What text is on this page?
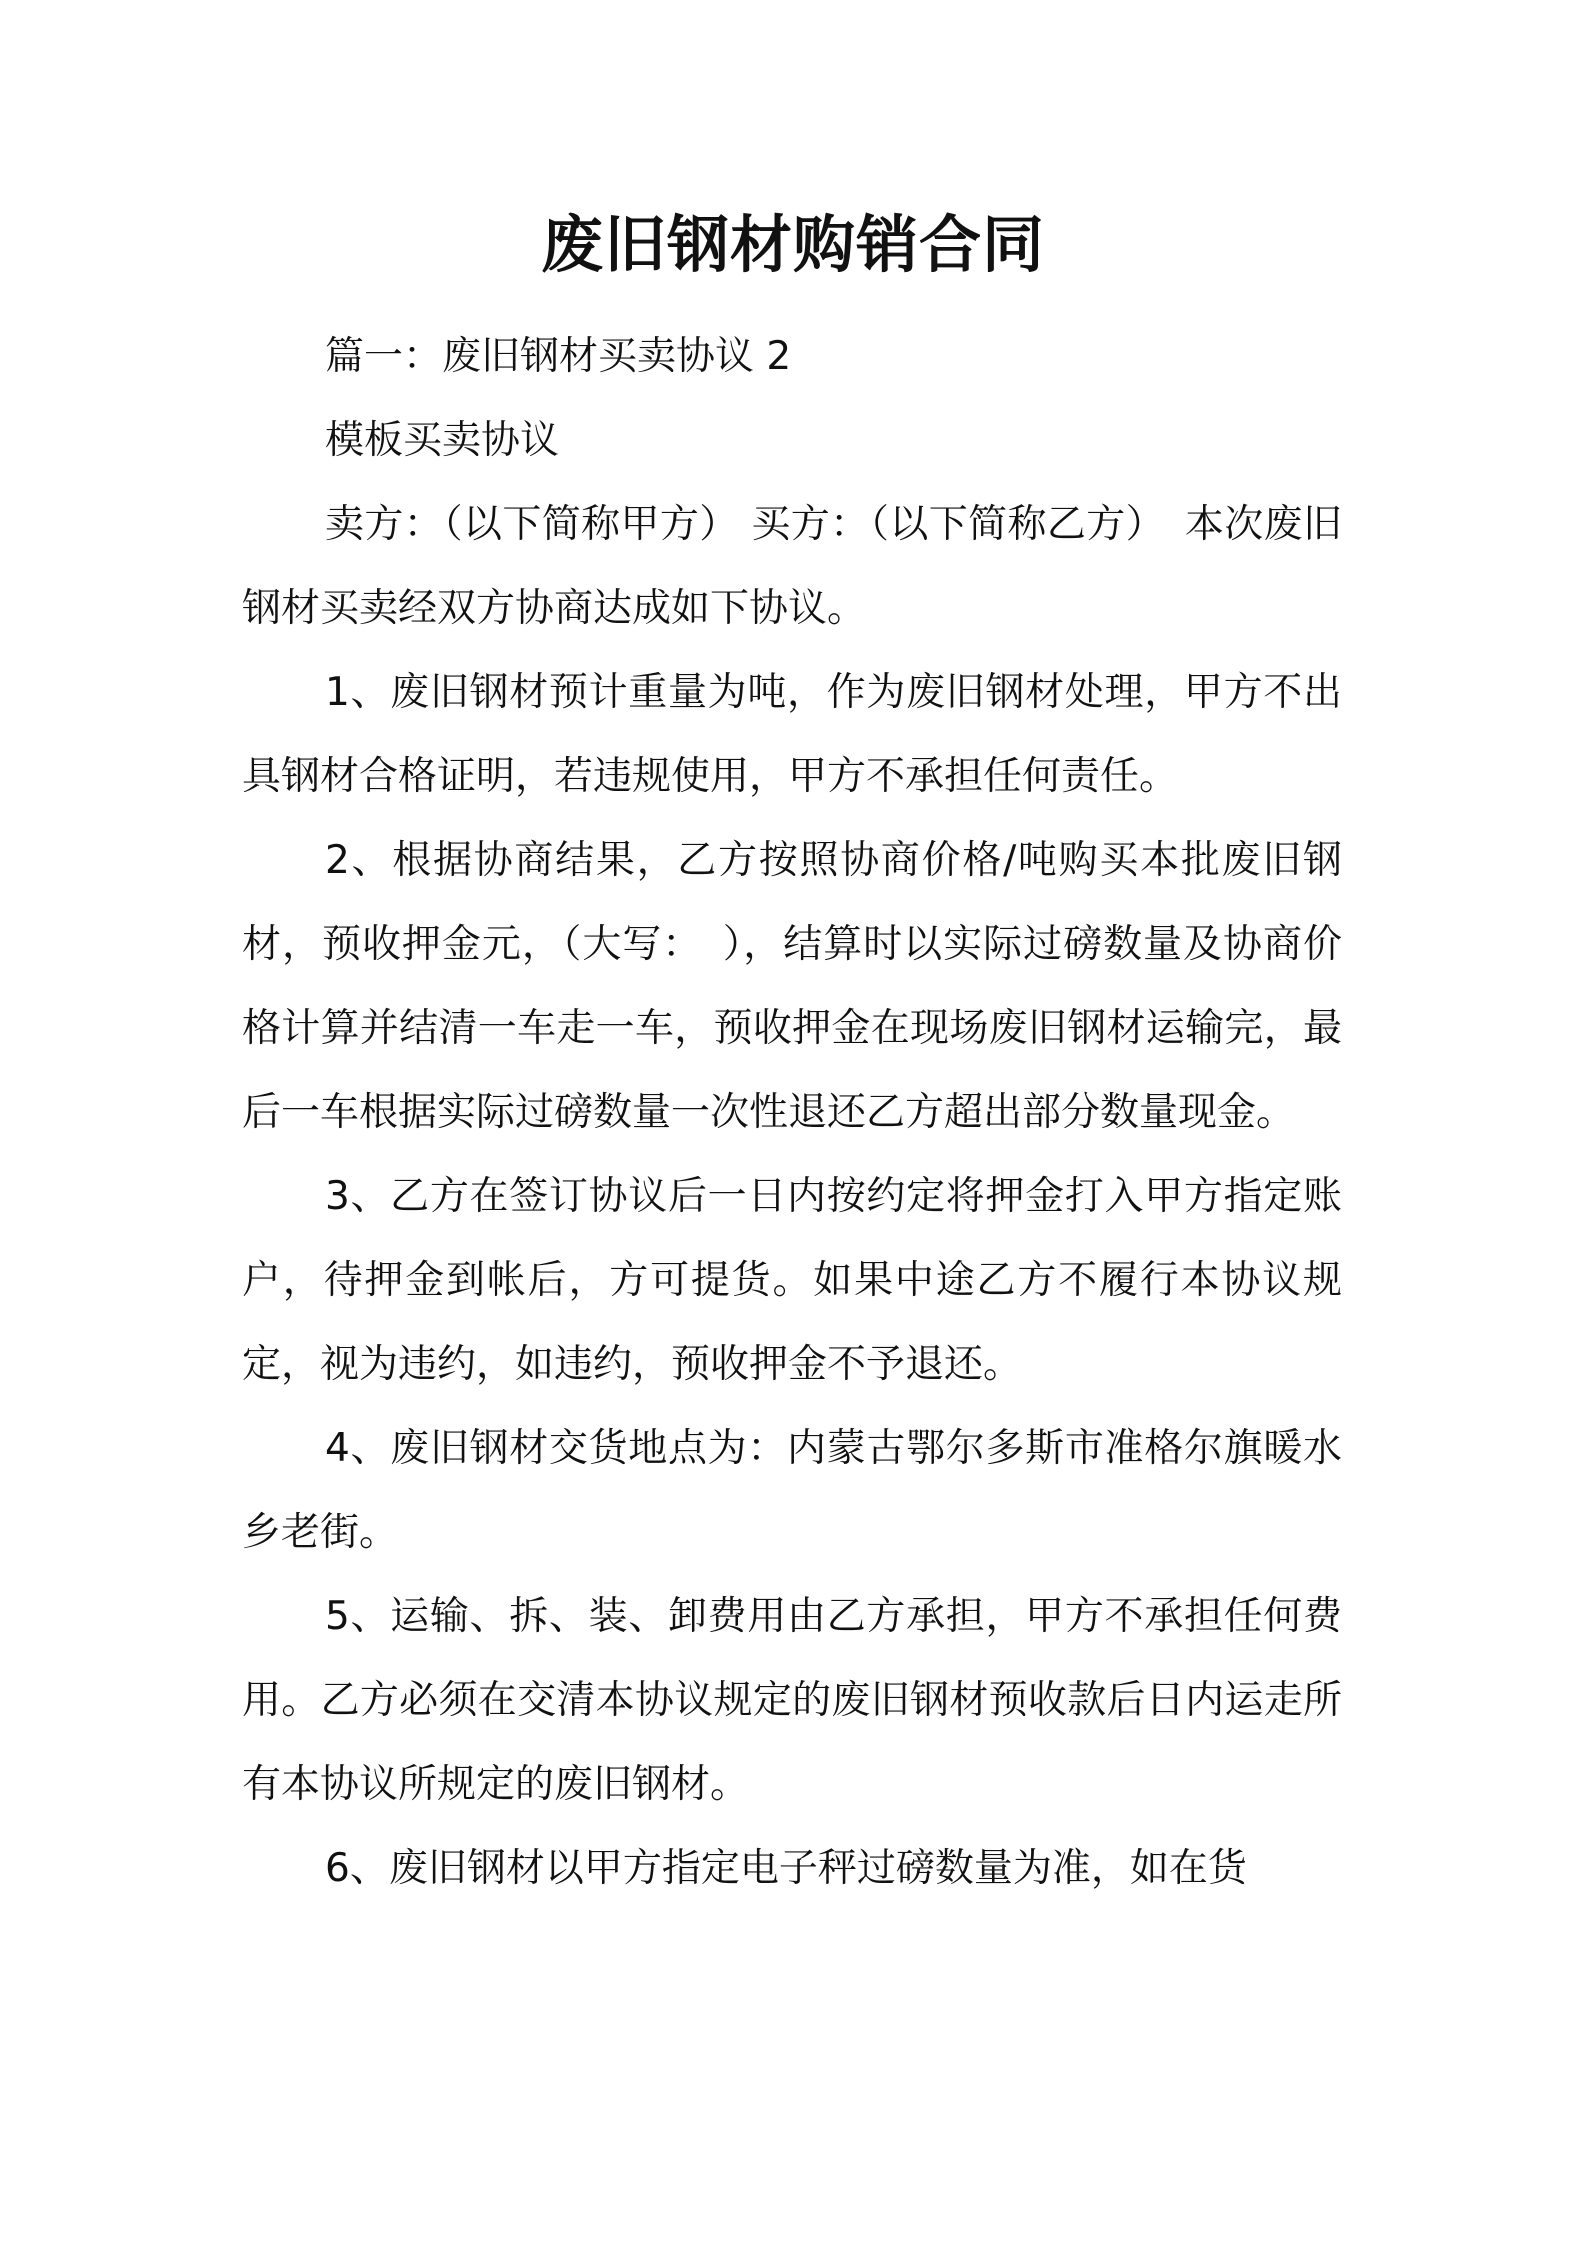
废旧钢材购销合同

篇一：废旧钢材买卖协议 2

模板买卖协议

卖方：（以下简称甲方） 买方：（以下简称乙方）　本次废旧钢材买卖经双方协商达成如下协议。

1、废旧钢材预计重量为吨，作为废旧钢材处理，甲方不出具钢材合格证明，若违规使用，甲方不承担任何责任。

2、根据协商结果，乙方按照协商价格/吨购买本批废旧钢材，预收押金元，（大写：　），结算时以实际过磅数量及协商价格计算并结清一车走一车，预收押金在现场废旧钢材运输完，最后一车根据实际过磅数量一次性退还乙方超出部分数量现金。

3、乙方在签订协议后一日内按约定将押金打入甲方指定账户，待押金到帐后，方可提货。如果中途乙方不履行本协议规定，视为违约，如违约，预收押金不予退还。

4、废旧钢材交货地点为：内蒙古鄂尔多斯市准格尔旗暖水乡老街。

5、运输、拆、装、卸费用由乙方承担，甲方不承担任何费用。乙方必须在交清本协议规定的废旧钢材预收款后日内运走所有本协议所规定的废旧钢材。

6、废旧钢材以甲方指定电子秤过磅数量为准，如在货
